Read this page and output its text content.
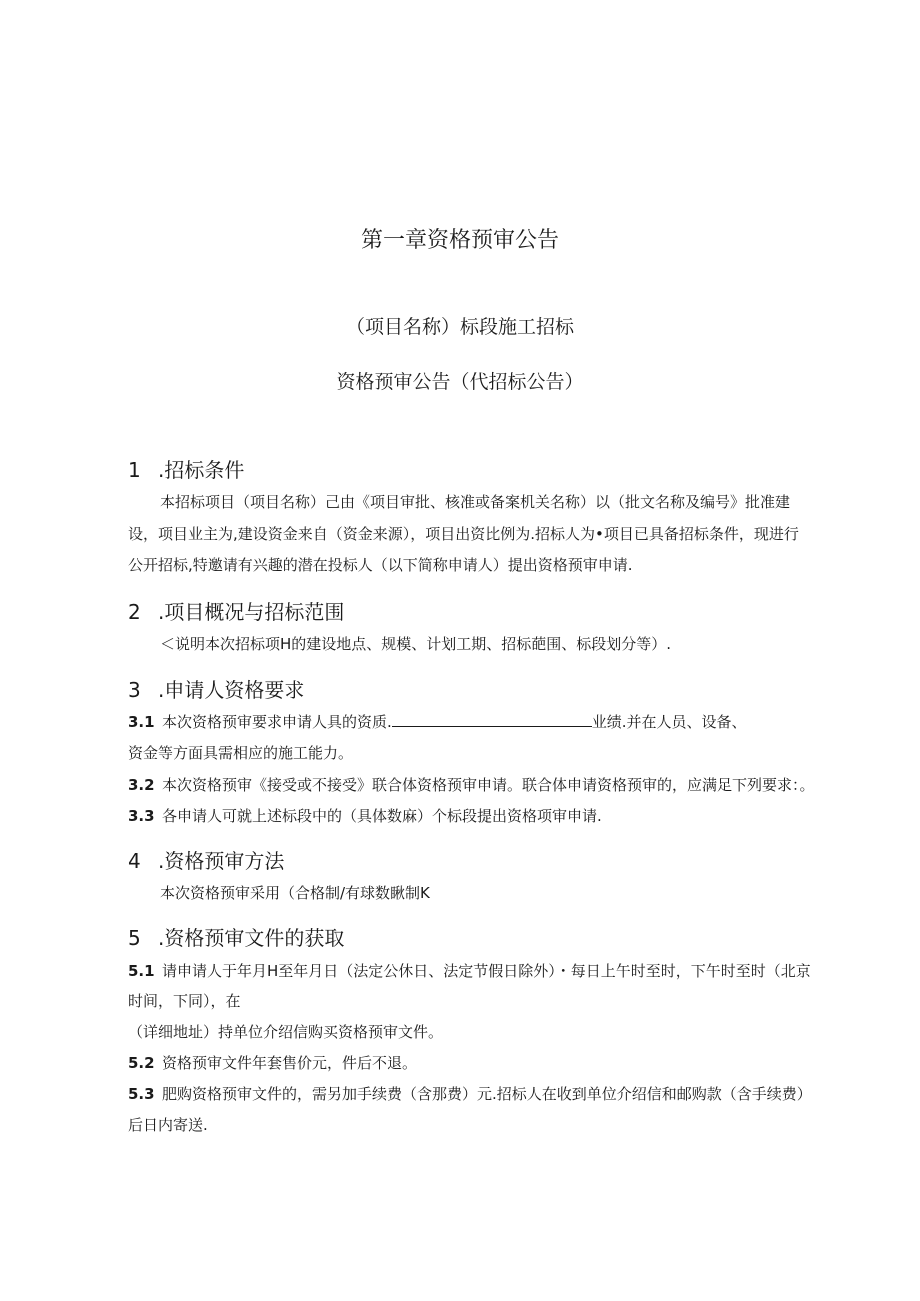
第一章资格预审公告
（项目名称）标段施工招标
资格预审公告（代招标公告）
1 .招标条件
本招标项目（项目名称）己由《项目审批、核准或备案机关名称）以（批文名称及编号》批准建
设，项目业主为,建设资金来自（资金来源），项目出资比例为.招标人为•项目已具备招标条件，现进行
公开招标,特邀请有兴趣的潜在投标人（以下简称申请人）提出资格预审申请.
2 .项目概况与招标范围
＜说明本次招标项H的建设地点、规模、计划工期、招标葩围、标段划分等）.
3 .申请人资格要求
3.1 本次资格预审要求申请人具的资质.	业绩.并在人员、设备、
资金等方面具需相应的施工能力。
3.2 本次资格预审《接受或不接受》联合体资格预审申请。联合体申请资格预审的，应满足下列要求：。
3.3 各申请人可就上述标段中的（具体数麻）个标段提出资格项审申请.
4 .资格预审方法
本次资格预审采用（合格制/有球数瞅制K
5 .资格预审文件的获取
5.1 请申请人于年月H至年月日（法定公休日、法定节假日除外）・每日上午时至时，下午时至时（北京
时间，下同），在
（详细地址）持单位介绍信购买资格预审文件。
5.2 资格预审文件年套售价元，件后不退。
5.3 肥购资格预审文件的，需另加手续费（含那费）元.招标人在收到单位介绍信和邮购款（含手续费）
后日内寄送.
